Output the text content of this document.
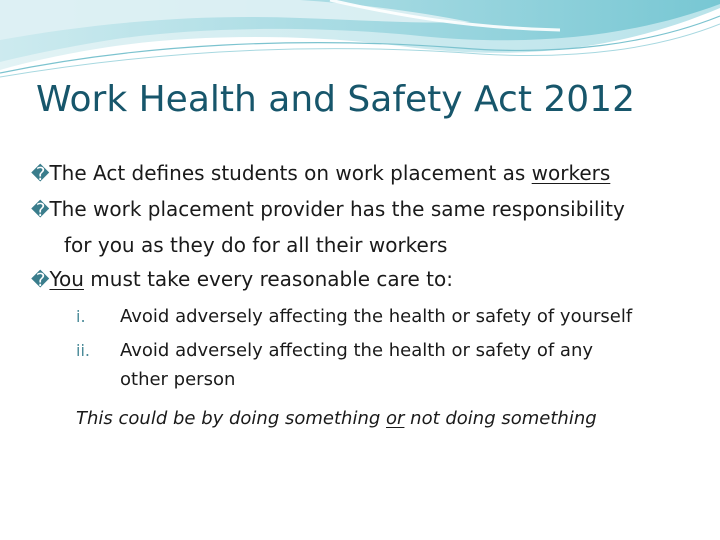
Work Health and Safety Act 2012
�The Act defines students on work placement as workers
�The work placement provider has the same responsibility
for you as they do for all their workers
�You must take every reasonable care to:
i. Avoid adversely affecting the health or safety of yourself
ii. Avoid adversely affecting the health or safety of any
other person
This could be by doing something or not doing something
